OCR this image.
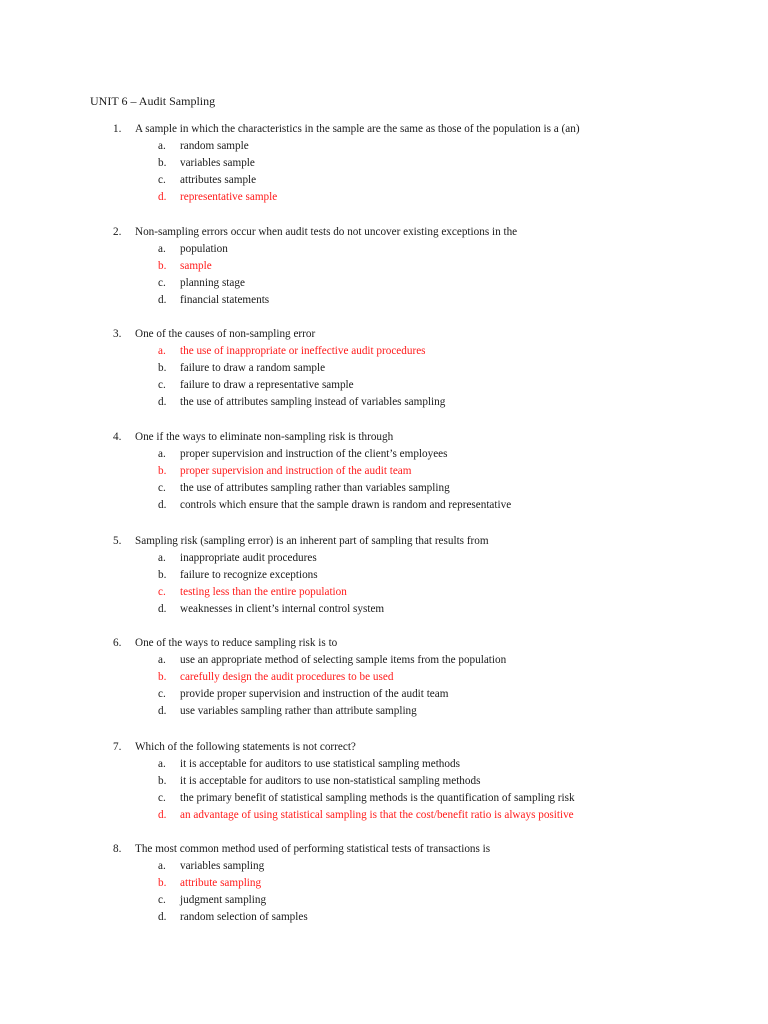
UNIT 6 – Audit Sampling
1. A sample in which the characteristics in the sample are the same as those of the population is a (an)
a. random sample
b. variables sample
c. attributes sample
d. representative sample
2. Non-sampling errors occur when audit tests do not uncover existing exceptions in the
a. population
b. sample
c. planning stage
d. financial statements
3. One of the causes of non-sampling error
a. the use of inappropriate or ineffective audit procedures
b. failure to draw a random sample
c. failure to draw a representative sample
d. the use of attributes sampling instead of variables sampling
4. One if the ways to eliminate non-sampling risk is through
a. proper supervision and instruction of the client’s employees
b. proper supervision and instruction of the audit team
c. the use of attributes sampling rather than variables sampling
d. controls which ensure that the sample drawn is random and representative
5. Sampling risk (sampling error) is an inherent part of sampling that results from
a. inappropriate audit procedures
b. failure to recognize exceptions
c. testing less than the entire population
d. weaknesses in client’s internal control system
6. One of the ways to reduce sampling risk is to
a. use an appropriate method of selecting sample items from the population
b. carefully design the audit procedures to be used
c. provide proper supervision and instruction of the audit team
d. use variables sampling rather than attribute sampling
7. Which of the following statements is not correct?
a. it is acceptable for auditors to use statistical sampling methods
b. it is acceptable for auditors to use non-statistical sampling methods
c. the primary benefit of statistical sampling methods is the quantification of sampling risk
d. an advantage of using statistical sampling is that the cost/benefit ratio is always positive
8. The most common method used of performing statistical tests of transactions is
a. variables sampling
b. attribute sampling
c. judgment sampling
d. random selection of samples
